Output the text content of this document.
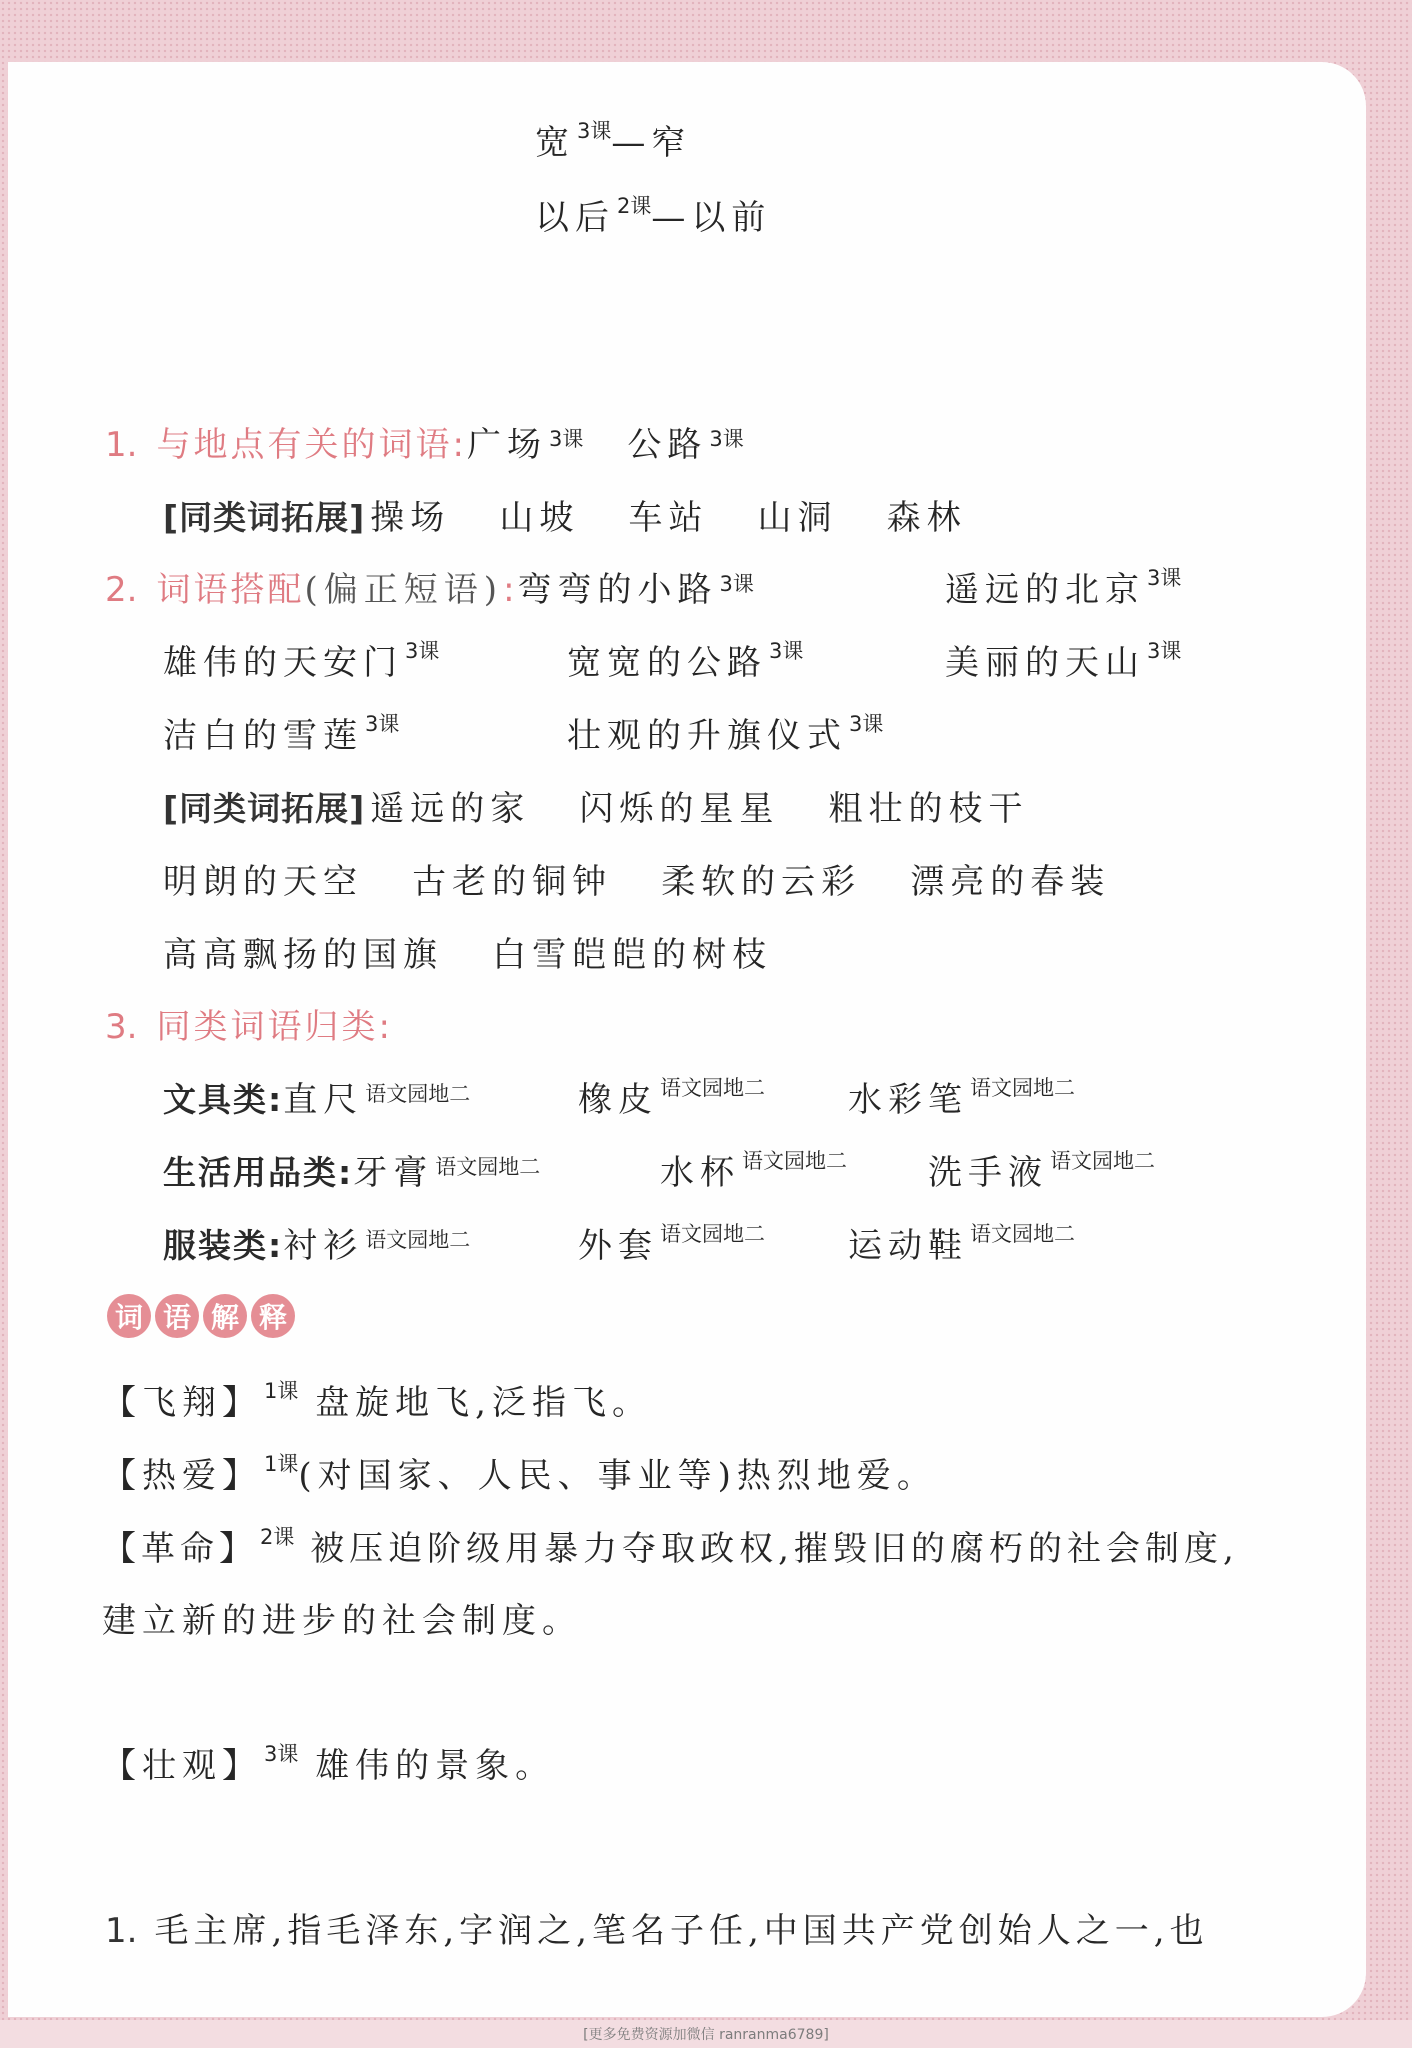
宽$^{3课}$—窄
以后$^{2课}$—以前
1. 与地点有关的词语:广场$^{3课}$ 公路$^{3课}$
[同类词拓展] 操场 山坡 车站 山洞 森林
2. 词语搭配(偏正短语):弯弯的小路$^{3课}$	遥远的北京$^{3课}$
雄伟的天安门$^{3课}$	宽宽的公路$^{3课}$	美丽的天山$^{3课}$
洁白的雪莲$^{3课}$	壮观的升旗仪式$^{3课}$
[同类词拓展] 遥远的家 闪烁的星星 粗壮的枝干
明朗的天空 古老的铜钟 柔软的云彩 漂亮的春装
高高飘扬的国旗 白雪皑皑的树枝
3. 同类词语归类:
文具类:直尺$^{语文园地二}$	橡皮$^{语文园地二}$ 水彩笔$^{语文园地二}$
生活用品类:牙膏$^{语文园地二}$	水杯$^{语文园地二}$ 洗手液$^{语文园地二}$
服装类:衬衫$^{语文园地二}$	外套$^{语文园地二}$ 运动鞋$^{语文园地二}$
词 语 解 释
【飞翔】$^{1课}$ 盘旋地飞,泛指飞。
【热爱】$^{1课}$(对国家、人民、事业等)热烈地爱。
【革命】$^{2课}$ 被压迫阶级用暴力夺取政权,摧毁旧的腐朽的社会制度,
建立新的进步的社会制度。
【壮观】$^{3课}$ 雄伟的景象。
1. 毛主席,指毛泽东,字润之,笔名子任,中国共产党创始人之一,也
[更多免费资源加微信 ranranma6789]
